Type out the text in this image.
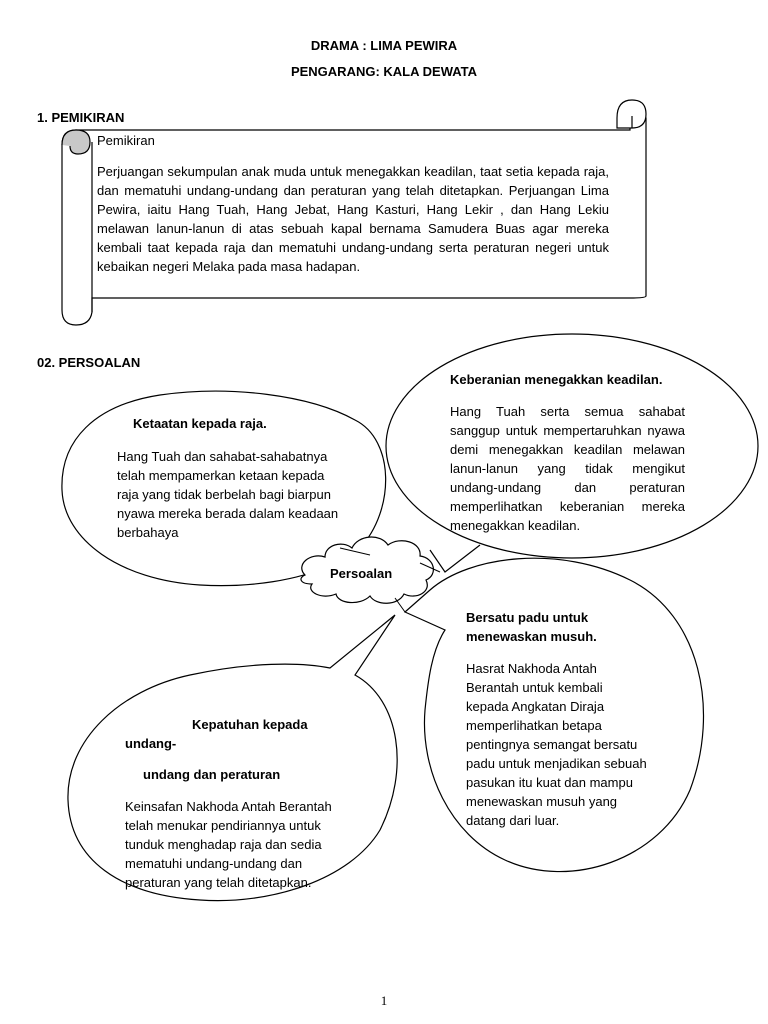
DRAMA : LIMA PEWIRA
PENGARANG: KALA DEWATA
1. PEMIKIRAN
Pemikiran
Perjuangan sekumpulan anak muda untuk menegakkan keadilan, taat setia kepada raja, dan mematuhi undang-undang dan peraturan yang telah ditetapkan. Perjuangan Lima Pewira, iaitu Hang Tuah, Hang Jebat, Hang Kasturi, Hang Lekir , dan Hang Lekiu melawan lanun-lanun di atas sebuah kapal bernama Samudera Buas agar mereka kembali taat kepada raja dan mematuhi undang-undang serta peraturan negeri untuk kebaikan negeri Melaka pada masa hadapan.
02. PERSOALAN
Persoalan
Ketaatan kepada raja.
Hang Tuah dan sahabat-sahabatnya telah mempamerkan ketaan kepada raja yang tidak berbelah bagi biarpun nyawa mereka berada dalam keadaan berbahaya
Keberanian menegakkan keadilan.
Hang Tuah serta semua sahabat sanggup untuk mempertaruhkan nyawa demi menegakkan keadilan melawan lanun-lanun yang tidak mengikut undang-undang dan peraturan memperlihatkan keberanian mereka menegakkan keadilan.
Bersatu padu untuk
menewaskan musuh.
Hasrat Nakhoda Antah Berantah untuk kembali kepada Angkatan Diraja memperlihatkan betapa pentingnya semangat bersatu padu untuk menjadikan sebuah pasukan itu kuat dan mampu menewaskan musuh yang datang dari luar.
Kepatuhan kepada
undang-
undang dan peraturan
Keinsafan Nakhoda Antah Berantah telah menukar pendiriannya untuk tunduk menghadap raja dan sedia mematuhi undang-undang dan peraturan yang telah ditetapkan.
1
